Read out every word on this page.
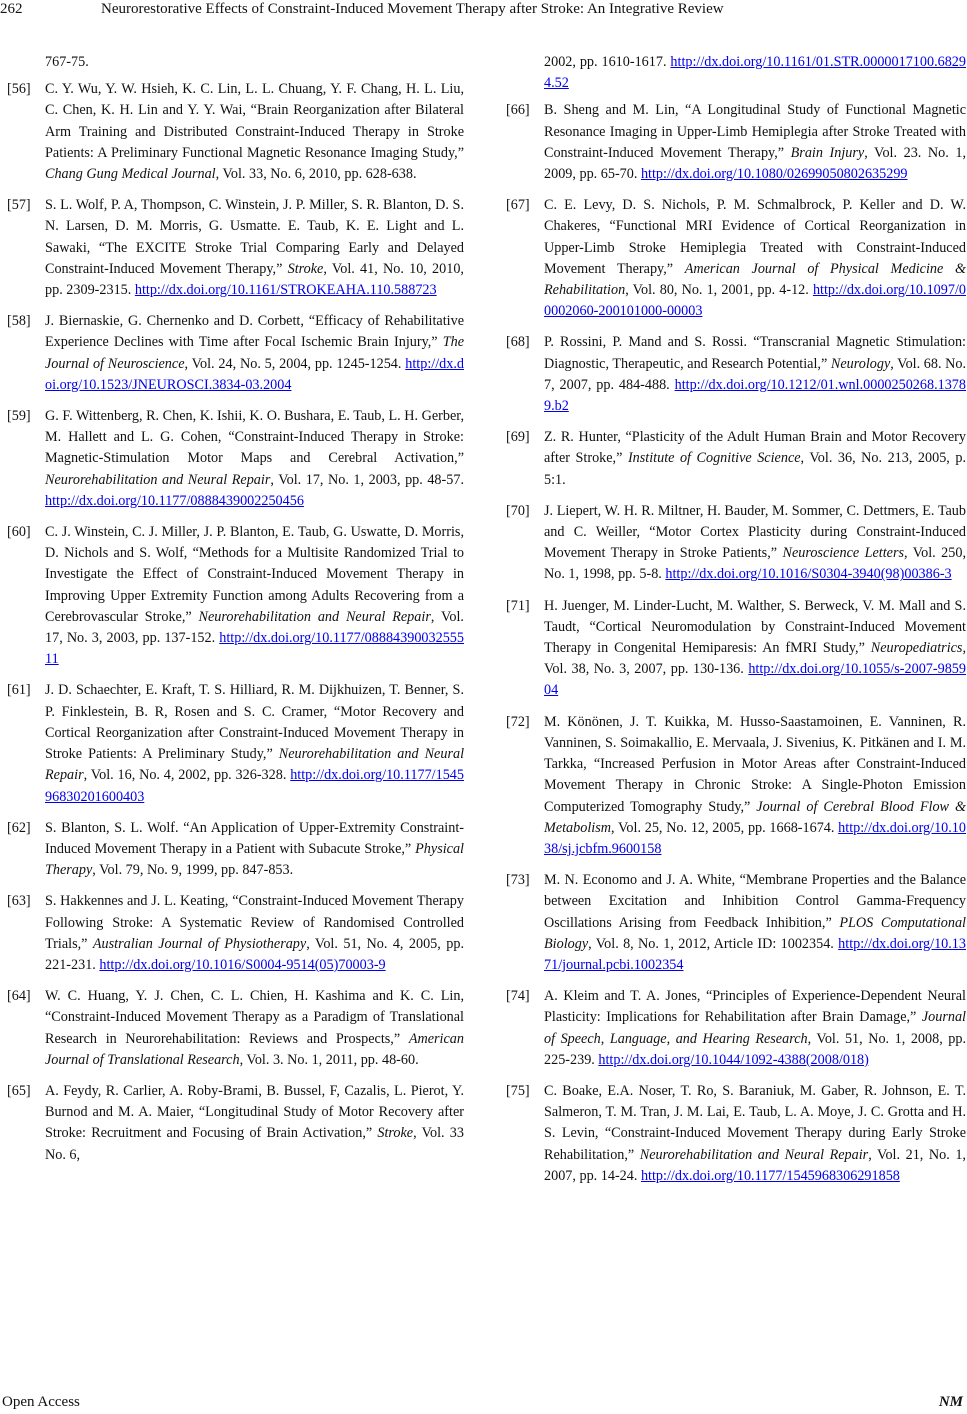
262	Neurorestorative Effects of Constraint-Induced Movement Therapy after Stroke: An Integrative Review
767-75.
[56]	C. Y. Wu, Y. W. Hsieh, K. C. Lin, L. L. Chuang, Y. F. Chang, H. L. Liu, C. Chen, K. H. Lin and Y. Y. Wai, “Brain Reorganization after Bilateral Arm Training and Distributed Constraint-Induced Therapy in Stroke Patients: A Preliminary Functional Magnetic Resonance Imaging Study,” Chang Gung Medical Journal, Vol. 33, No. 6, 2010, pp. 628-638.
[57]	S. L. Wolf, P. A, Thompson, C. Winstein, J. P. Miller, S. R. Blanton, D. S. N. Larsen, D. M. Morris, G. Usmatte. E. Taub, K. E. Light and L. Sawaki, “The EXCITE Stroke Trial Comparing Early and Delayed Constraint-Induced Movement Therapy,” Stroke, Vol. 41, No. 10, 2010, pp. 2309-2315. http://dx.doi.org/10.1161/STROKEAHA.110.588723
[58]	J. Biernaskie, G. Chernenko and D. Corbett, “Efficacy of Rehabilitative Experience Declines with Time after Focal Ischemic Brain Injury,” The Journal of Neuroscience, Vol. 24, No. 5, 2004, pp. 1245-1254. http://dx.doi.org/10.1523/JNEUROSCI.3834-03.2004
[59]	G. F. Wittenberg, R. Chen, K. Ishii, K. O. Bushara, E. Taub, L. H. Gerber, M. Hallett and L. G. Cohen, “Constraint-Induced Therapy in Stroke: Magnetic-Stimulation Motor Maps and Cerebral Activation,” Neurorehabilitation and Neural Repair, Vol. 17, No. 1, 2003, pp. 48-57. http://dx.doi.org/10.1177/0888439002250456
[60]	C. J. Winstein, C. J. Miller, J. P. Blanton, E. Taub, G. Uswatte, D. Morris, D. Nichols and S. Wolf, “Methods for a Multisite Randomized Trial to Investigate the Effect of Constraint-Induced Movement Therapy in Improving Upper Extremity Function among Adults Recovering from a Cerebrovascular Stroke,” Neurorehabilitation and Neural Repair, Vol. 17, No. 3, 2003, pp. 137-152. http://dx.doi.org/10.1177/0888439003255511
[61]	J. D. Schaechter, E. Kraft, T. S. Hilliard, R. M. Dijkhuizen, T. Benner, S. P. Finklestein, B. R, Rosen and S. C. Cramer, “Motor Recovery and Cortical Reorganization after Constraint-Induced Movement Therapy in Stroke Patients: A Preliminary Study,” Neurorehabilitation and Neural Repair, Vol. 16, No. 4, 2002, pp. 326-328. http://dx.doi.org/10.1177/154596830201600403
[62]	S. Blanton, S. L. Wolf. “An Application of Upper-Extremity Constraint-Induced Movement Therapy in a Patient with Subacute Stroke,” Physical Therapy, Vol. 79, No. 9, 1999, pp. 847-853.
[63]	S. Hakkennes and J. L. Keating, “Constraint-Induced Movement Therapy Following Stroke: A Systematic Review of Randomised Controlled Trials,” Australian Journal of Physiotherapy, Vol. 51, No. 4, 2005, pp. 221-231. http://dx.doi.org/10.1016/S0004-9514(05)70003-9
[64]	W. C. Huang, Y. J. Chen, C. L. Chien, H. Kashima and K. C. Lin, “Constraint-Induced Movement Therapy as a Paradigm of Translational Research in Neurorehabilitation: Reviews and Prospects,” American Journal of Translational Research, Vol. 3. No. 1, 2011, pp. 48-60.
[65]	A. Feydy, R. Carlier, A. Roby-Brami, B. Bussel, F, Cazalis, L. Pierot, Y. Burnod and M. A. Maier, “Longitudinal Study of Motor Recovery after Stroke: Recruitment and Focusing of Brain Activation,” Stroke, Vol. 33 No. 6,
2002, pp. 1610-1617. http://dx.doi.org/10.1161/01.STR.0000017100.68294.52
[66]	B. Sheng and M. Lin, “A Longitudinal Study of Functional Magnetic Resonance Imaging in Upper-Limb Hemiplegia after Stroke Treated with Constraint-Induced Movement Therapy,” Brain Injury, Vol. 23. No. 1, 2009, pp. 65-70. http://dx.doi.org/10.1080/02699050802635299
[67]	C. E. Levy, D. S. Nichols, P. M. Schmalbrock, P. Keller and D. W. Chakeres, “Functional MRI Evidence of Cortical Reorganization in Upper-Limb Stroke Hemiplegia Treated with Constraint-Induced Movement Therapy,” American Journal of Physical Medicine & Rehabilitation, Vol. 80, No. 1, 2001, pp. 4-12. http://dx.doi.org/10.1097/00002060-200101000-00003
[68]	P. Rossini, P. Mand and S. Rossi. “Transcranial Magnetic Stimulation: Diagnostic, Therapeutic, and Research Potential,” Neurology, Vol. 68. No. 7, 2007, pp. 484-488. http://dx.doi.org/10.1212/01.wnl.0000250268.13789.b2
[69]	Z. R. Hunter, “Plasticity of the Adult Human Brain and Motor Recovery after Stroke,” Institute of Cognitive Science, Vol. 36, No. 213, 2005, p. 5:1.
[70]	J. Liepert, W. H. R. Miltner, H. Bauder, M. Sommer, C. Dettmers, E. Taub and C. Weiller, “Motor Cortex Plasticity during Constraint-Induced Movement Therapy in Stroke Patients,” Neuroscience Letters, Vol. 250, No. 1, 1998, pp. 5-8. http://dx.doi.org/10.1016/S0304-3940(98)00386-3
[71]	H. Juenger, M. Linder-Lucht, M. Walther, S. Berweck, V. M. Mall and S. Taudt, “Cortical Neuromodulation by Constraint-Induced Movement Therapy in Congenital Hemiparesis: An fMRI Study,” Neuropediatrics, Vol. 38, No. 3, 2007, pp. 130-136. http://dx.doi.org/10.1055/s-2007-985904
[72]	M. Könönen, J. T. Kuikka, M. Husso-Saastamoinen, E. Vanninen, R. Vanninen, S. Soimakallio, E. Mervaala, J. Sivenius, K. Pitkänen and I. M. Tarkka, “Increased Perfusion in Motor Areas after Constraint-Induced Movement Therapy in Chronic Stroke: A Single-Photon Emission Computerized Tomography Study,” Journal of Cerebral Blood Flow & Metabolism, Vol. 25, No. 12, 2005, pp. 1668-1674. http://dx.doi.org/10.1038/sj.jcbfm.9600158
[73]	M. N. Economo and J. A. White, “Membrane Properties and the Balance between Excitation and Inhibition Control Gamma-Frequency Oscillations Arising from Feedback Inhibition,” PLOS Computational Biology, Vol. 8, No. 1, 2012, Article ID: 1002354. http://dx.doi.org/10.1371/journal.pcbi.1002354
[74]	A. Kleim and T. A. Jones, “Principles of Experience-Dependent Neural Plasticity: Implications for Rehabilitation after Brain Damage,” Journal of Speech, Language, and Hearing Research, Vol. 51, No. 1, 2008, pp. 225-239. http://dx.doi.org/10.1044/1092-4388(2008/018)
[75]	C. Boake, E.A. Noser, T. Ro, S. Baraniuk, M. Gaber, R. Johnson, E. T. Salmeron, T. M. Tran, J. M. Lai, E. Taub, L. A. Moye, J. C. Grotta and H. S. Levin, “Constraint-Induced Movement Therapy during Early Stroke Rehabilitation,” Neurorehabilitation and Neural Repair, Vol. 21, No. 1, 2007, pp. 14-24. http://dx.doi.org/10.1177/1545968306291858
Open Access	NM
